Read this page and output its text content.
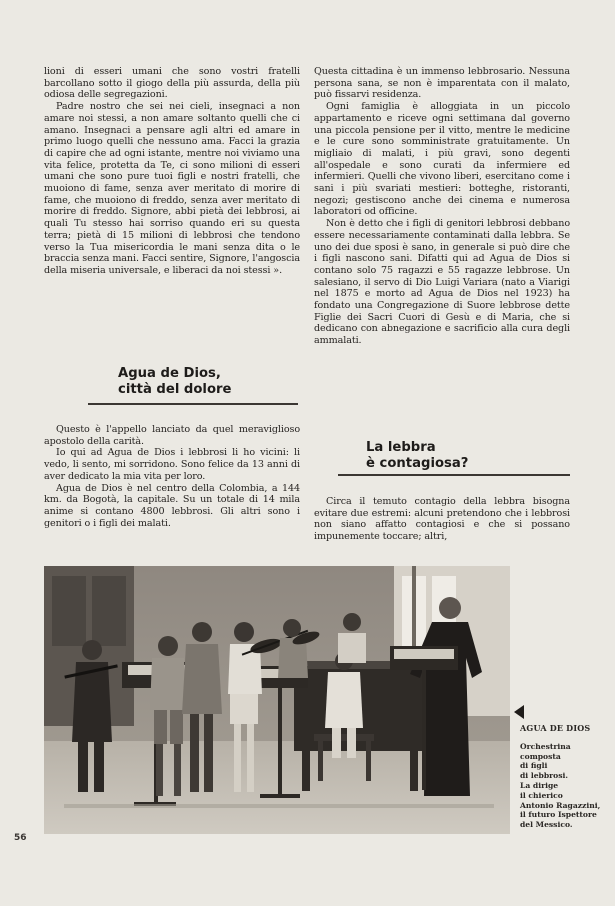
lioni di esseri umani che sono vostri fratelli barcollano sotto il giogo della più assurda, della più odiosa delle segregazioni.

Padre nostro che sei nei cieli, insegnaci a non amare noi stessi, a non amare soltanto quelli che ci amano. Insegnaci a pensare agli altri ed amare in primo luogo quelli che nessuno ama. Facci la grazia di capire che ad ogni istante, mentre noi viviamo una vita felice, protetta da Te, ci sono milioni di esseri umani che sono pure tuoi figli e nostri fratelli, che muoiono di fame, senza aver meritato di morire di fame, che muoiono di freddo, senza aver meritato di morire di freddo. Signore, abbi pietà dei lebbrosi, ai quali Tu stesso hai sorriso quando eri su questa terra; pietà di 15 milioni di lebbrosi che tendono verso la Tua misericordia le mani senza dita o le braccia senza mani. Facci sentire, Signore, l'angoscia della miseria universale, e liberaci da noi stessi ».

Questa cittadina è un immenso lebbrosario. Nessuna persona sana, se non è imparentata con il malato, può fissarvi residenza.

Ogni famiglia è alloggiata in un piccolo appartamento e riceve ogni settimana dal governo una piccola pensione per il vitto, mentre le medicine e le cure sono somministrate gratuitamente. Un migliaio di malati, i più gravi, sono degenti all'ospedale e sono curati da infermiere ed infermieri. Quelli che vivono liberi, esercitano come i sani i più svariati mestieri: botteghe, ristoranti, negozi; gestiscono anche dei cinema e numerosa laboratori od officine.

Non è detto che i figli di genitori lebbrosi debbano essere necessariamente contaminati dalla lebbra. Se uno dei due sposi è sano, in generale si può dire che i figli nascono sani. Difatti qui ad Agua de Dios si contano solo 75 ragazzi e 55 ragazze lebbrose. Un salesiano, il servo di Dio Luigi Variara (nato a Viarigi nel 1875 e morto ad Agua de Dios nel 1923) ha fondato una Congregazione di Suore lebbrose dette Figlie dei Sacri Cuori di Gesù e di Maria, che si dedicano con abnegazione e sacrificio alla cura degli ammalati.

Agua de Dios,
città del dolore

Questo è l'appello lanciato da quel meraviglioso apostolo della carità.

Io qui ad Agua de Dios i lebbrosi li ho vicini: li vedo, li sento, mi sorridono. Sono felice da 13 anni di aver dedicato la mia vita per loro.

Agua de Dios è nel centro della Colombia, a 144 km. da Bogotà, la capitale. Su un totale di 14 mila anime si contano 4800 lebbrosi. Gli altri sono i genitori o i figli dei malati.

La lebbra
è contagiosa?

Circa il temuto contagio della lebbra bisogna evitare due estremi: alcuni pretendono che i lebbrosi non siano affatto contagiosi e che si possano impunemente toccare; altri,

AGUA DE DIOS
Orchestrina
composta
di figli
di lebbrosi.
La dirige
il chierico
Antonio Ragazzini,
il futuro Ispettore
del Messico.
56
